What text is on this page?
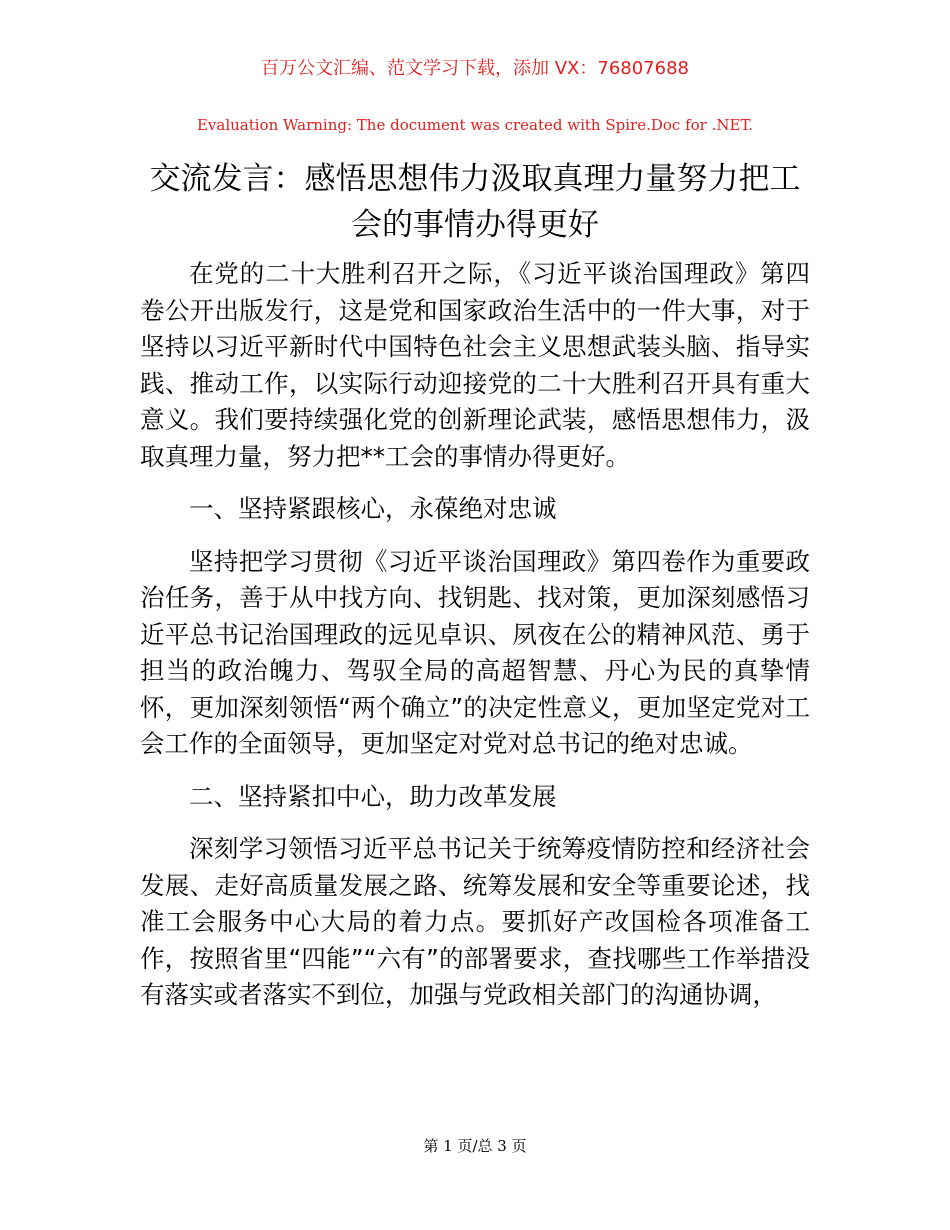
百万公文汇编、范文学习下载，添加 VX：76807688
Evaluation Warning: The document was created with Spire.Doc for .NET.
交流发言：感悟思想伟力汲取真理力量努力把工会的事情办得更好

在党的二十大胜利召开之际，《习近平谈治国理政》第四卷公开出版发行，这是党和国家政治生活中的一件大事，对于坚持以习近平新时代中国特色社会主义思想武装头脑、指导实践、推动工作，以实际行动迎接党的二十大胜利召开具有重大意义。我们要持续强化党的创新理论武装，感悟思想伟力，汲取真理力量，努力把**工会的事情办得更好。

一、坚持紧跟核心，永葆绝对忠诚

坚持把学习贯彻《习近平谈治国理政》第四卷作为重要政治任务，善于从中找方向、找钥匙、找对策，更加深刻感悟习近平总书记治国理政的远见卓识、夙夜在公的精神风范、勇于担当的政治魄力、驾驭全局的高超智慧、丹心为民的真挚情怀，更加深刻领悟“两个确立”的决定性意义，更加坚定党对工会工作的全面领导，更加坚定对党对总书记的绝对忠诚。

二、坚持紧扣中心，助力改革发展

深刻学习领悟习近平总书记关于统筹疫情防控和经济社会发展、走好高质量发展之路、统筹发展和安全等重要论述，找准工会服务中心大局的着力点。要抓好产改国检各项准备工作，按照省里“四能”“六有”的部署要求，查找哪些工作举措没有落实或者落实不到位，加强与党政相关部门的沟通协调，

第 1 页/总 3 页
